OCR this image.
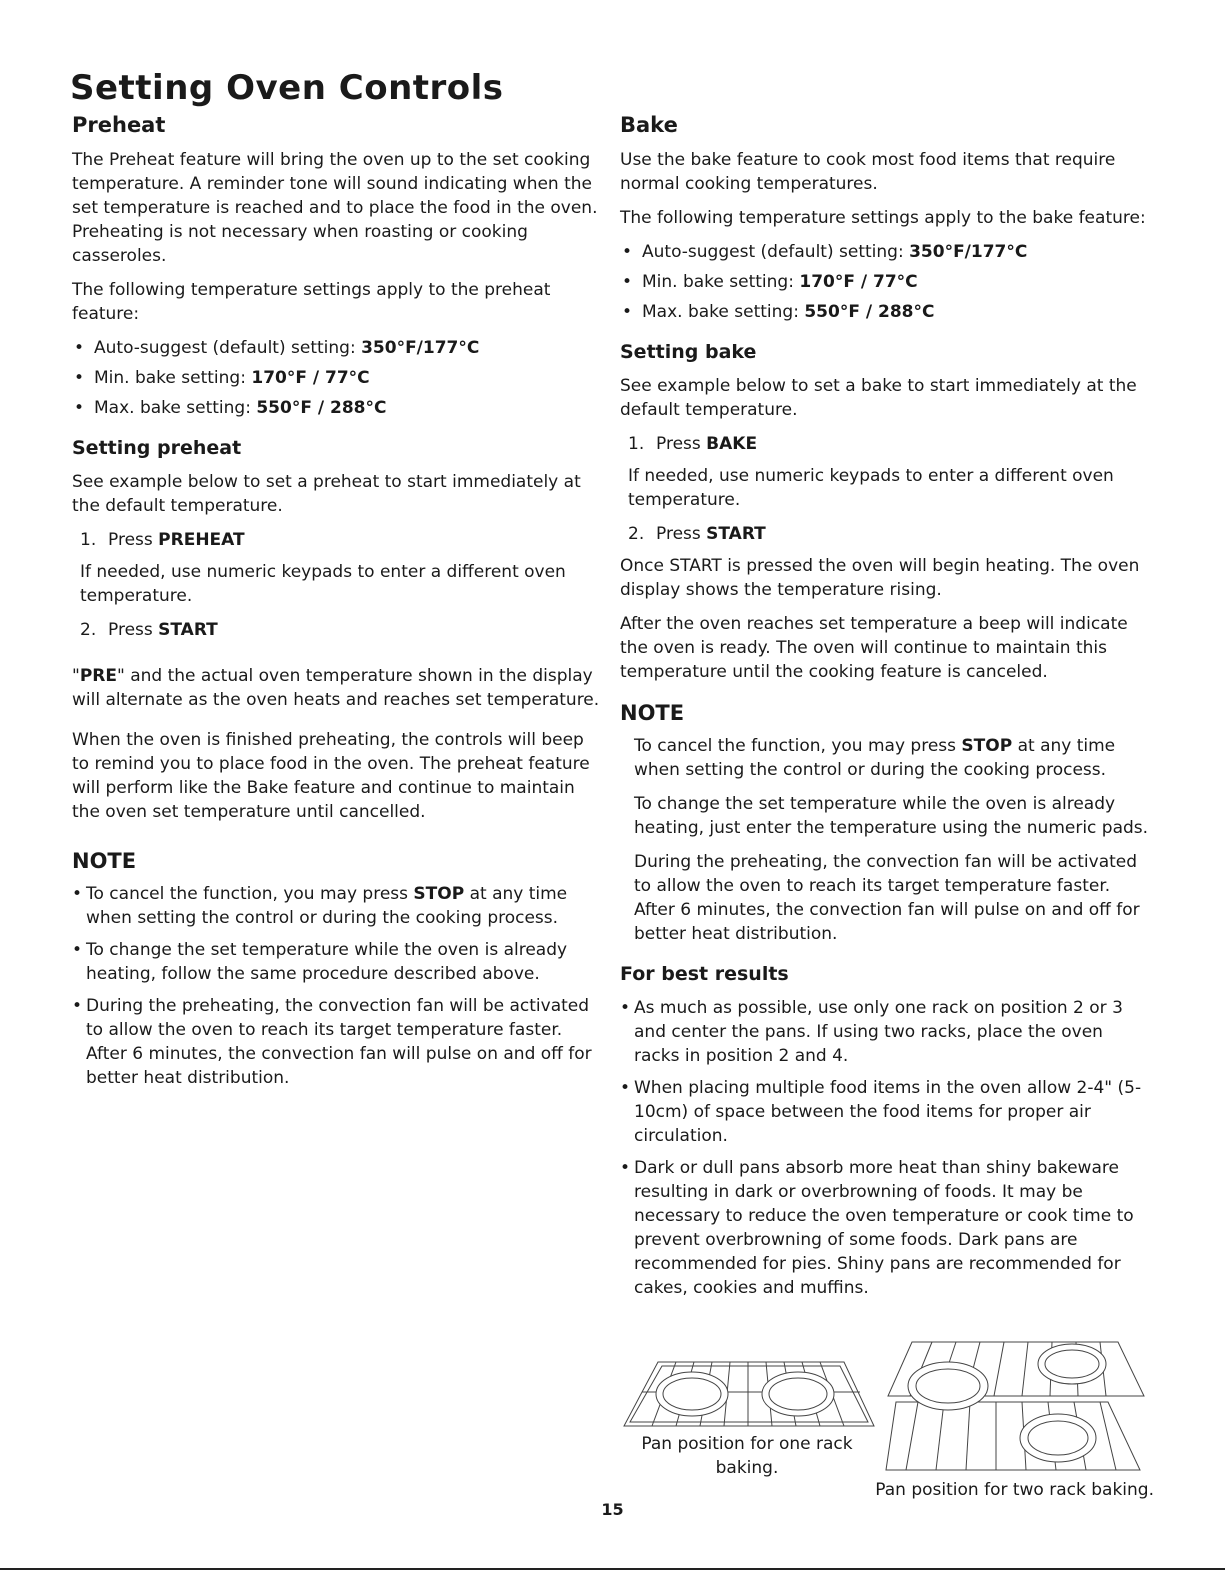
Setting Oven Controls
Preheat

The Preheat feature will bring the oven up to the set cooking temperature. A reminder tone will sound indicating when the set temperature is reached and to place the food in the oven. Preheating is not necessary when roasting or cooking casseroles.

The following temperature settings apply to the preheat feature:

• Auto-suggest (default) setting: 350°F/177°C
• Min. bake setting: 170°F / 77°C
• Max. bake setting: 550°F / 288°C
Setting preheat

See example below to set a preheat to start immediately at the default temperature.

1. Press PREHEAT

If needed, use numeric keypads to enter a different oven temperature.

2. Press START

"PRE" and the actual oven temperature shown in the display will alternate as the oven heats and reaches set temperature.

When the oven is finished preheating, the controls will beep to remind you to place food in the oven. The preheat feature will perform like the Bake feature and continue to maintain the oven set temperature until cancelled.

NOTE
• To cancel the function, you may press STOP at any time when setting the control or during the cooking process.
• To change the set temperature while the oven is already heating, follow the same procedure described above.
• During the preheating, the convection fan will be activated to allow the oven to reach its target temperature faster. After 6 minutes, the convection fan will pulse on and off for better heat distribution.
Bake

Use the bake feature to cook most food items that require normal cooking temperatures.

The following temperature settings apply to the bake feature:

• Auto-suggest (default) setting: 350°F/177°C
• Min. bake setting: 170°F / 77°C
• Max. bake setting: 550°F / 288°C
Setting bake

See example below to set a bake to start immediately at the default temperature.

1. Press BAKE

If needed, use numeric keypads to enter a different oven temperature.

2. Press START

Once START is pressed the oven will begin heating. The oven display shows the temperature rising.

After the oven reaches set temperature a beep will indicate the oven is ready. The oven will continue to maintain this temperature until the cooking feature is canceled.

NOTE

To cancel the function, you may press STOP at any time when setting the control or during the cooking process.

To change the set temperature while the oven is already heating, just enter the temperature using the numeric pads.

During the preheating, the convection fan will be activated to allow the oven to reach its target temperature faster. After 6 minutes, the convection fan will pulse on and off for better heat distribution.

For best results
• As much as possible, use only one rack on position 2 or 3 and center the pans. If using two racks, place the oven racks in position 2 and 4.
• When placing multiple food items in the oven allow 2-4" (5-10cm) of space between the food items for proper air circulation.
• Dark or dull pans absorb more heat than shiny bakeware resulting in dark or overbrowning of foods. It may be necessary to reduce the oven temperature or cook time to prevent overbrowning of some foods. Dark pans are recommended for pies. Shiny pans are recommended for cakes, cookies and muffins.
Pan position for one rack baking.
Pan position for two rack baking.
15
